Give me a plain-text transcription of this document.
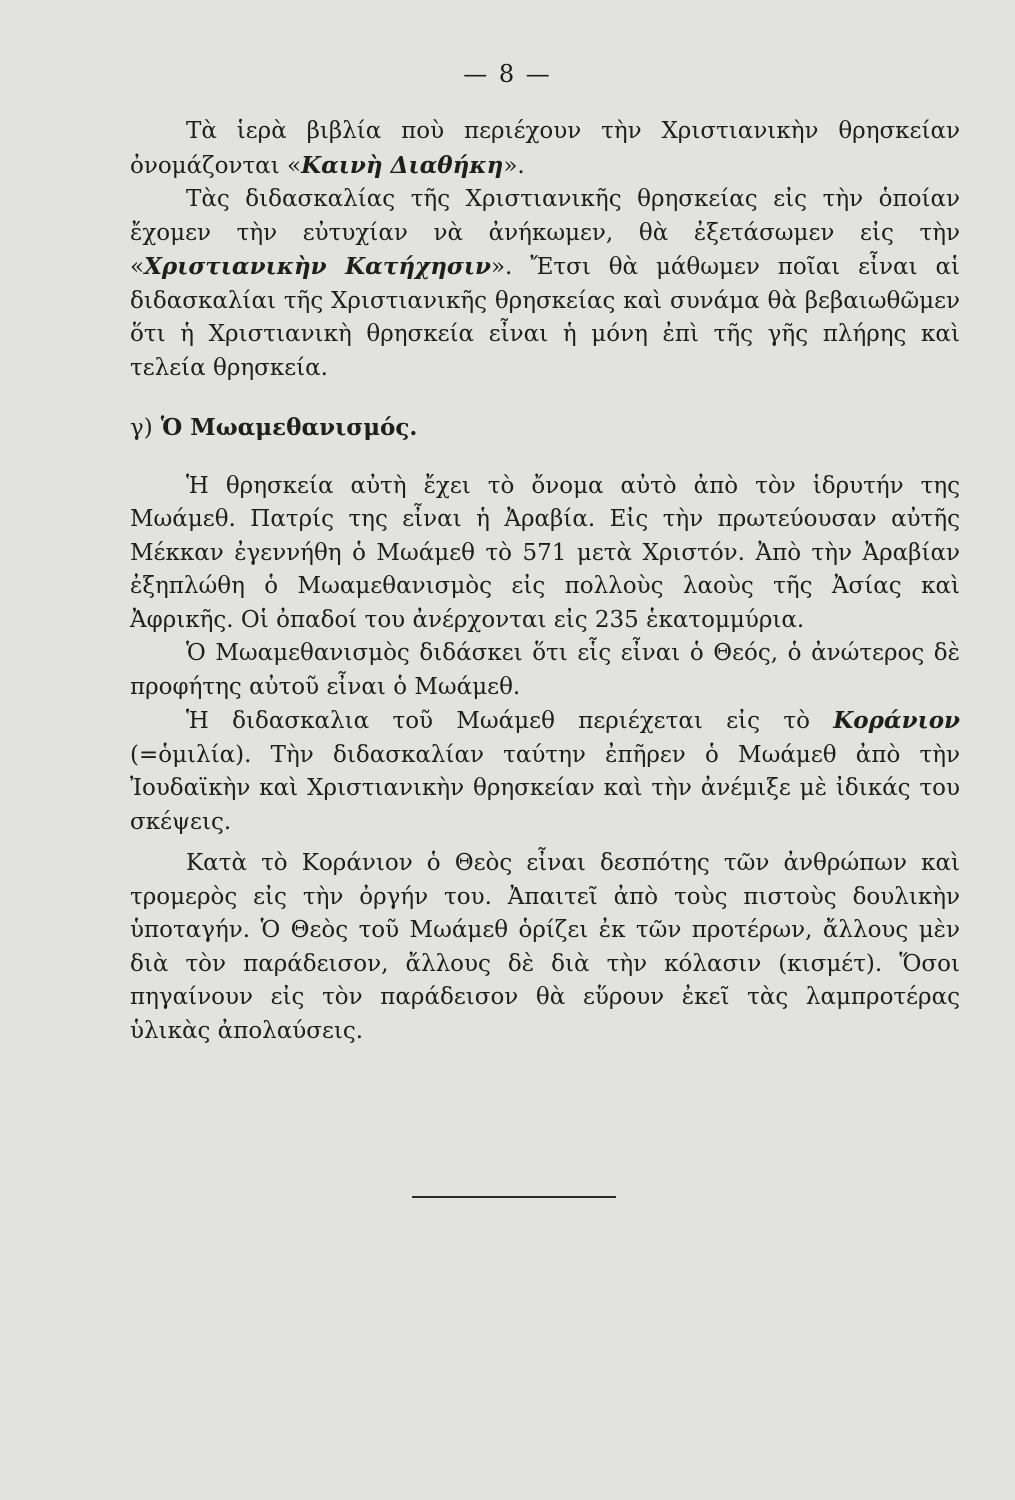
— 8 —

Τὰ ἱερὰ βιβλία ποὺ περιέχουν τὴν Χριστιανικὴν θρησκείαν ὀνομάζονται «Καινὴ Διαθήκη».

Τὰς διδασκαλίας τῆς Χριστιανικῆς θρησκείας εἰς τὴν ὁποίαν ἔχομεν τὴν εὐτυχίαν νὰ ἀνήκωμεν, θὰ ἐξετάσωμεν εἰς τὴν «Χριστιανικὴν Κατήχησιν». Ἔτσι θὰ μάθωμεν ποῖαι εἶναι αἱ διδασκαλίαι τῆς Χριστιανικῆς θρησκείας καὶ συνάμα θὰ βεβαιωθῶμεν ὅτι ἡ Χριστιανικὴ θρησκεία εἶναι ἡ μόνη ἐπὶ τῆς γῆς πλήρης καὶ τελεία θρησκεία.

γ) Ὁ Μωαμεθανισμός.

Ἡ θρησκεία αὐτὴ ἔχει τὸ ὄνομα αὐτὸ ἀπὸ τὸν ἱδρυτήν της Μωάμεθ. Πατρίς της εἶναι ἡ Ἀραβία. Εἰς τὴν πρωτεύουσαν αὐτῆς Μέκκαν ἐγεννήθη ὁ Μωάμεθ τὸ 571 μετὰ Χριστόν. Ἀπὸ τὴν Ἀραβίαν ἐξηπλώθη ὁ Μωαμεθανισμὸς εἰς πολλοὺς λαοὺς τῆς Ἀσίας καὶ Ἀφρικῆς. Οἱ ὀπαδοί του ἀνέρχονται εἰς 235 ἑκατομμύρια.

Ὁ Μωαμεθανισμὸς διδάσκει ὅτι εἷς εἶναι ὁ Θεός, ὁ ἀνώτερος δὲ προφήτης αὐτοῦ εἶναι ὁ Μωάμεθ.

Ἡ διδασκαλια τοῦ Μωάμεθ περιέχεται εἰς τὸ Κοράνιον (=ὁμιλία). Τὴν διδασκαλίαν ταύτην ἐπῆρεν ὁ Μωάμεθ ἀπὸ τὴν Ἰουδαϊκὴν καὶ Χριστιανικὴν θρησκείαν καὶ τὴν ἀνέμιξε μὲ ἰδικάς του σκέψεις.

Κατὰ τὸ Κοράνιον ὁ Θεὸς εἶναι δεσπότης τῶν ἀνθρώπων καὶ τρομερὸς εἰς τὴν ὀργήν του. Ἀπαιτεῖ ἀπὸ τοὺς πιστοὺς δουλικὴν ὑποταγήν. Ὁ Θεὸς τοῦ Μωάμεθ ὁρίζει ἐκ τῶν προτέρων, ἄλλους μὲν διὰ τὸν παράδεισον, ἄλλους δὲ διὰ τὴν κόλασιν (κισμέτ). Ὅσοι πηγαίνουν εἰς τὸν παράδεισον θὰ εὕρουν ἐκεῖ τὰς λαμπροτέρας ὑλικὰς ἀπολαύσεις.
